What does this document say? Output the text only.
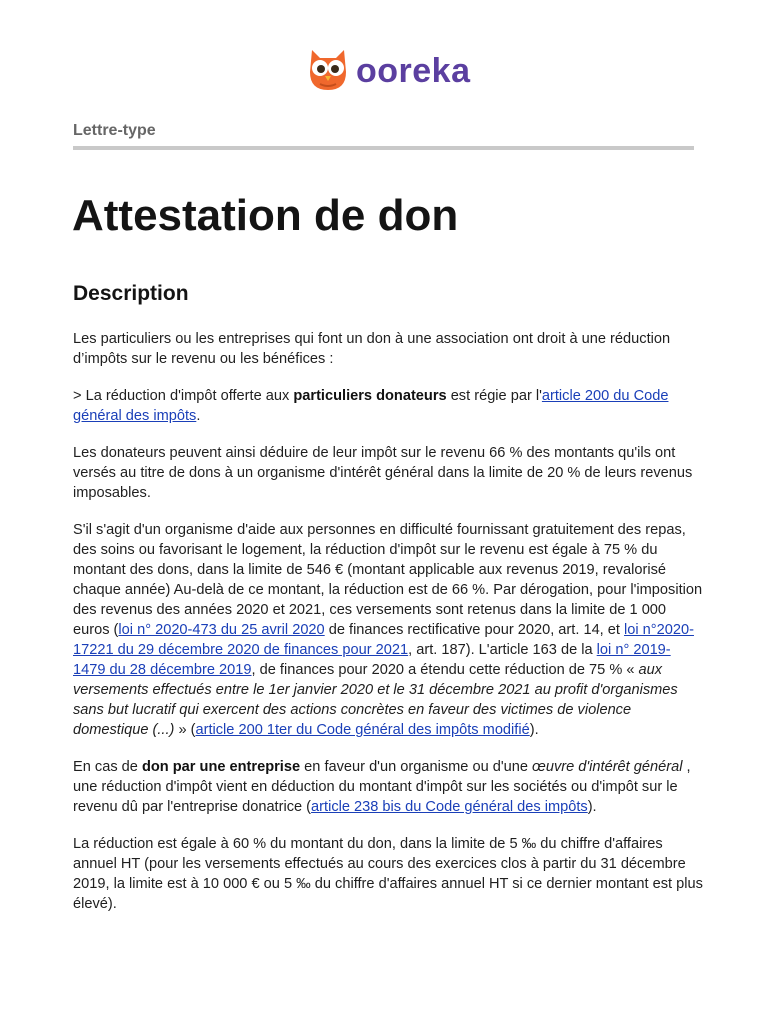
ooreka

Lettre-type

Attestation de don
Description

Les particuliers ou les entreprises qui font un don à une association ont droit à une réduction d’impôts sur le revenu ou les bénéfices :

> La réduction d'impôt offerte aux particuliers donateurs est régie par l'article 200 du Code général des impôts.

Les donateurs peuvent ainsi déduire de leur impôt sur le revenu 66 % des montants qu'ils ont versés au titre de dons à un organisme d'intérêt général dans la limite de 20 % de leurs revenus imposables.

S'il s'agit d'un organisme d'aide aux personnes en difficulté fournissant gratuitement des repas, des soins ou favorisant le logement, la réduction d'impôt sur le revenu est égale à 75 % du montant des dons, dans la limite de 546 € (montant applicable aux revenus 2019, revalorisé chaque année) Au-delà de ce montant, la réduction est de 66 %. Par dérogation, pour l'imposition des revenus des années 2020 et 2021, ces versements sont retenus dans la limite de 1 000 euros (loi n° 2020-473 du 25 avril 2020 de finances rectificative pour 2020, art. 14, et loi n°2020-17221 du 29 décembre 2020 de finances pour 2021, art. 187). L'article 163 de la loi n° 2019-1479 du 28 décembre 2019, de finances pour 2020 a étendu cette réduction de 75 % « aux versements effectués entre le 1er janvier 2020 et le 31 décembre 2021 au profit d'organismes sans but lucratif qui exercent des actions concrètes en faveur des victimes de violence domestique (...) » (article 200 1ter du Code général des impôts modifié).

En cas de don par une entreprise en faveur d'un organisme ou d'une œuvre d'intérêt général , une réduction d'impôt vient en déduction du montant d'impôt sur les sociétés ou d'impôt sur le revenu dû par l'entreprise donatrice (article 238 bis du Code général des impôts).

La réduction est égale à 60 % du montant du don, dans la limite de 5 ‰ du chiffre d'affaires annuel HT (pour les versements effectués au cours des exercices clos à partir du 31 décembre 2019, la limite est à 10 000 € ou 5 ‰ du chiffre d'affaires annuel HT si ce dernier montant est plus élevé).
